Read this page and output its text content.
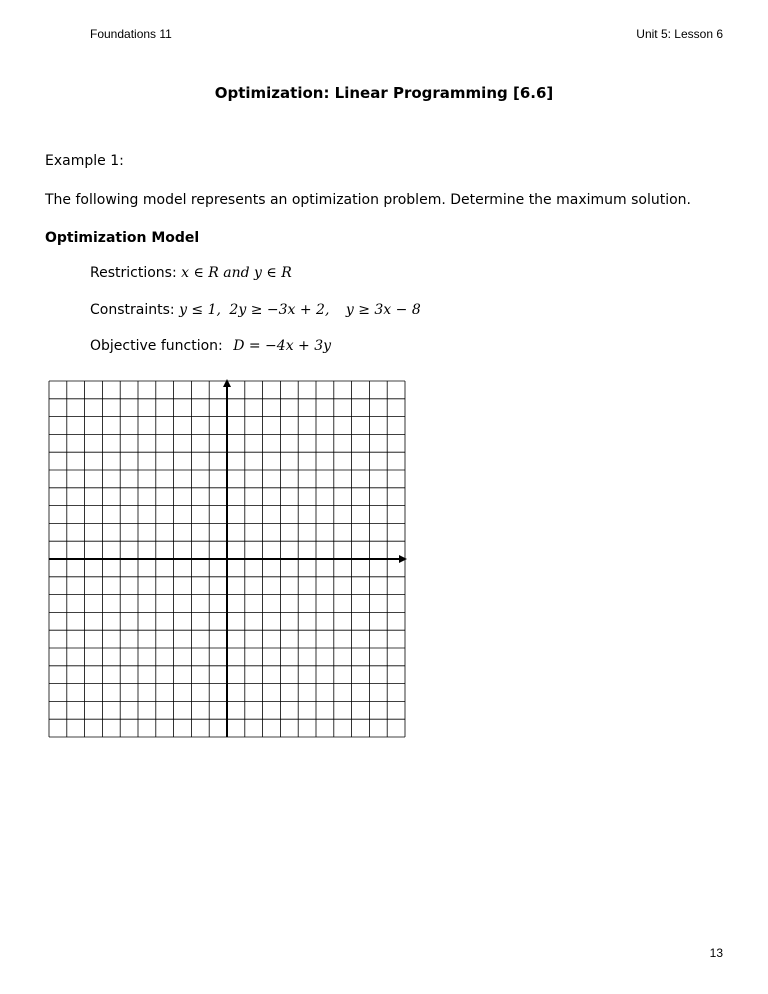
Foundations 11	Unit 5: Lesson 6
Optimization: Linear Programming [6.6]
Example 1:
The following model represents an optimization problem. Determine the maximum solution.
Optimization Model
Restrictions: x ∈ R and y ∈ R
Constraints: y ≤ 1, 2y ≥ −3x + 2, y ≥ 3x − 8
Objective function: D = −4x + 3y
13
